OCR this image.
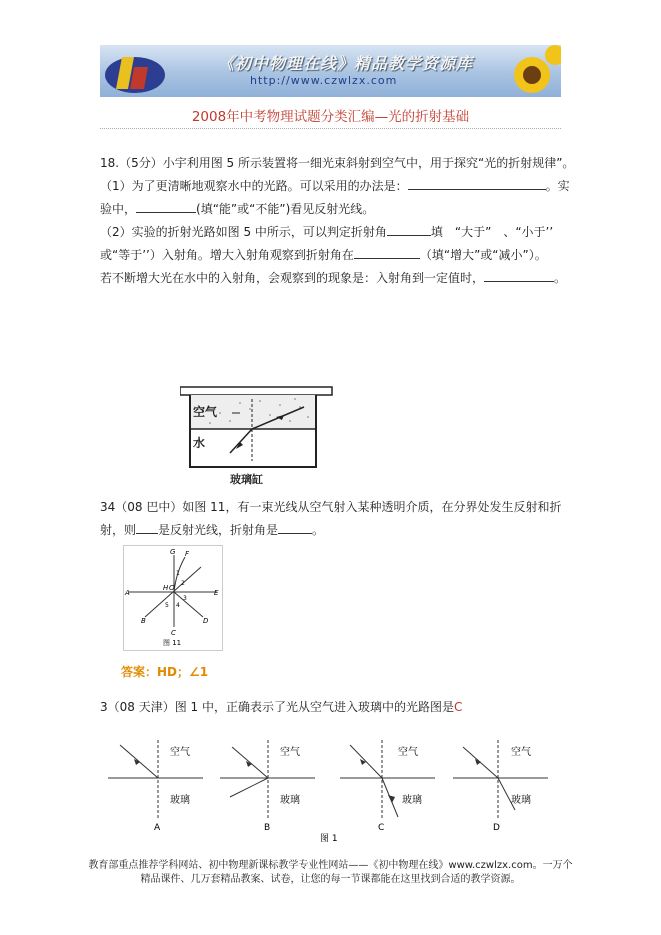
《初中物理在线》精品教学资源库
http://www.czwlzx.com
2008年中考物理试题分类汇编—光的折射基础
18.（5分）小宇利用图 5 所示装置将一细光束斜射到空气中，用于探究“光的折射规律”。
（1）为了更清晰地观察水中的光路。可以采用的办法是：	。实
验中，	(填“能”或“不能”)看见反射光线。
（2）实验的折射光路如图 5 中所示，可以判定折射角	填　“大于”　、“小于’’
或“等于’’）入射角。增大入射角观察到折射角在	（填“增大”或“减小”）。
若不断增大光在水中的入射角，会观察到的现象是：入射角到一定值时，	。
空气
水
玻璃缸
34（08 巴中）如图 11，有一束光线从空气射入某种透明介质，在分界处发生反射和折
射，则 是反射光线，折射角是	。
G F
A	E
H O
B
C
D
1
2
3
4
5
图 11
答案：HD；∠1
3（08 天津）图 1 中，正确表示了光从空气进入玻璃中的光路图是C
空气
玻璃
A
空气
玻璃
B
空气
玻璃
C
空气
玻璃
D
图 1
教育部重点推荐学科网站、初中物理新课标教学专业性网站——《初中物理在线》www.czwlzx.com。一万个
精品课件、几万套精品教案、试卷，让您的每一节课都能在这里找到合适的教学资源。
